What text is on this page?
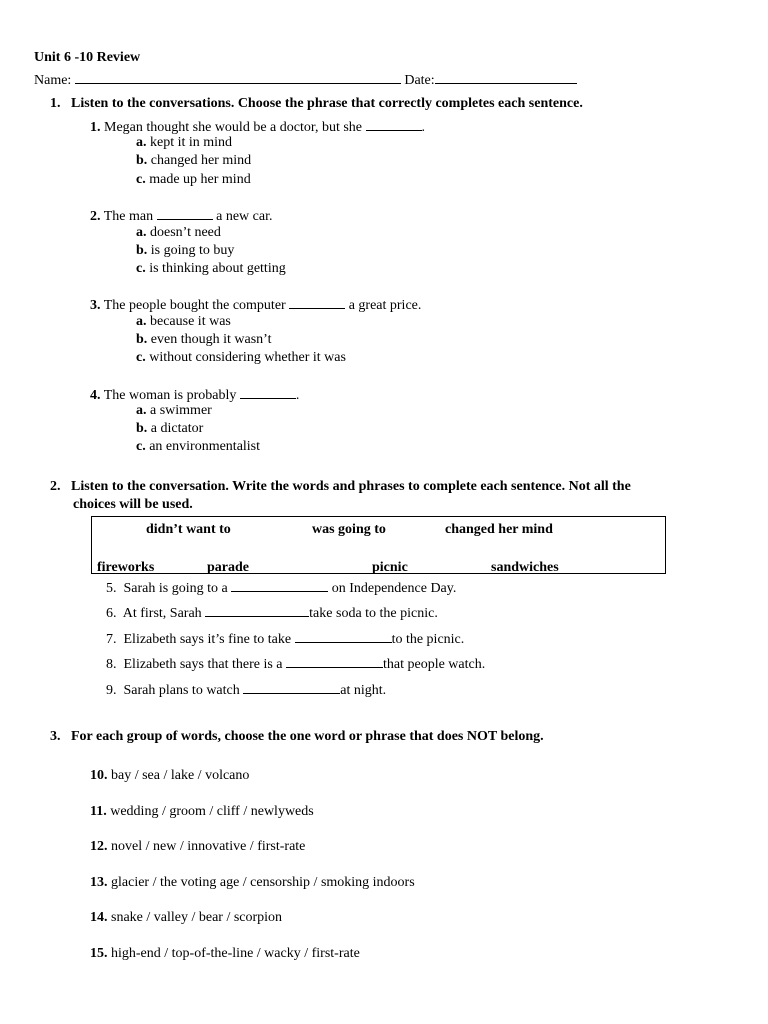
Unit 6 -10 Review
Name:	Date:
1. Listen to the conversations. Choose the phrase that correctly completes each sentence.
1. Megan thought she would be a doctor, but she	.
a. kept it in mind
b. changed her mind
c. made up her mind
2. The man	a new car.
a. doesn’t need
b. is going to buy
c. is thinking about getting
3. The people bought the computer	a great price.
a. because it was
b. even though it wasn’t
c. without considering whether it was
4. The woman is probably	.
a. a swimmer
b. a dictator
c. an environmentalist
2. Listen to the conversation. Write the words and phrases to complete each sentence. Not all the
choices will be used.
didn’t want to	was going to	changed her mind
fireworks	parade	picnic	sandwiches
5. Sarah is going to a	on Independence Day.
6. At first, Sarah	take soda to the picnic.
7. Elizabeth says it’s fine to take	to the picnic.
8. Elizabeth says that there is a	that people watch.
9. Sarah plans to watch	at night.
3. For each group of words, choose the one word or phrase that does NOT belong.
10. bay / sea / lake / volcano
11. wedding / groom / cliff / newlyweds
12. novel / new / innovative / first-rate
13. glacier / the voting age / censorship / smoking indoors
14. snake / valley / bear / scorpion
15. high-end / top-of-the-line / wacky / first-rate
